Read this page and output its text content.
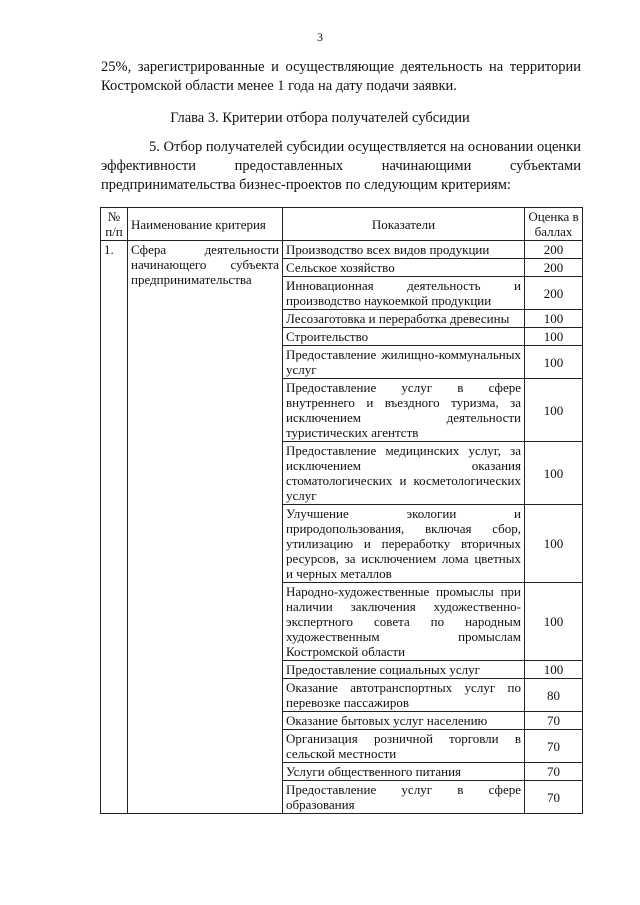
3
25%, зарегистрированные и осуществляющие деятельность на территории
Костромской области менее 1 года на дату подачи заявки.
Глава 3. Критерии отбора получателей субсидии
5. Отбор получателей субсидии осуществляется на основании оценки
эффективности предоставленных начинающими субъектами
предпринимательства бизнес-проектов по следующим критериям:
№ п/п	Наименование критерия	Показатели	Оценка в баллах
1.	Сфера деятельности начинающего субъекта предпринимательства	Производство всех видов продукции	200
		Сельское хозяйство	200
		Инновационная деятельность и производство наукоемкой продукции	200
		Лесозаготовка и переработка древесины	100
		Строительство	100
		Предоставление жилищно-коммунальных услуг	100
		Предоставление услуг в сфере внутреннего и въездного туризма, за исключением деятельности туристических агентств	100
		Предоставление медицинских услуг, за исключением оказания стоматологических и косметологических услуг	100
		Улучшение экологии и природопользования, включая сбор, утилизацию и переработку вторичных ресурсов, за исключением лома цветных и черных металлов	100
		Народно-художественные промыслы при наличии заключения художественно-экспертного совета по народным художественным промыслам Костромской области	100
		Предоставление социальных услуг	100
		Оказание автотранспортных услуг по перевозке пассажиров	80
		Оказание бытовых услуг населению	70
		Организация розничной торговли в сельской местности	70
		Услуги общественного питания	70
		Предоставление услуг в сфере образования	70
